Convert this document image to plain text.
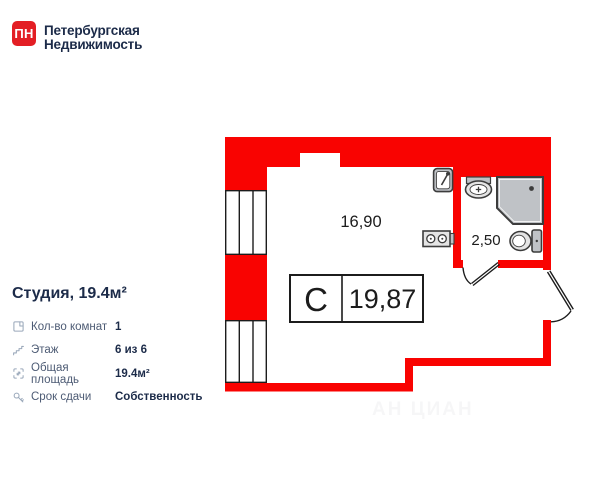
ПН Петербургская
Недвижимость
Студия, 19.4м²
Кол-во комнат 1
Этаж	6 из 6
Общая площадь	19.4м²
Срок сдачи	Собственность
16,90
2,50
С 19,87
АН ЦИАН
